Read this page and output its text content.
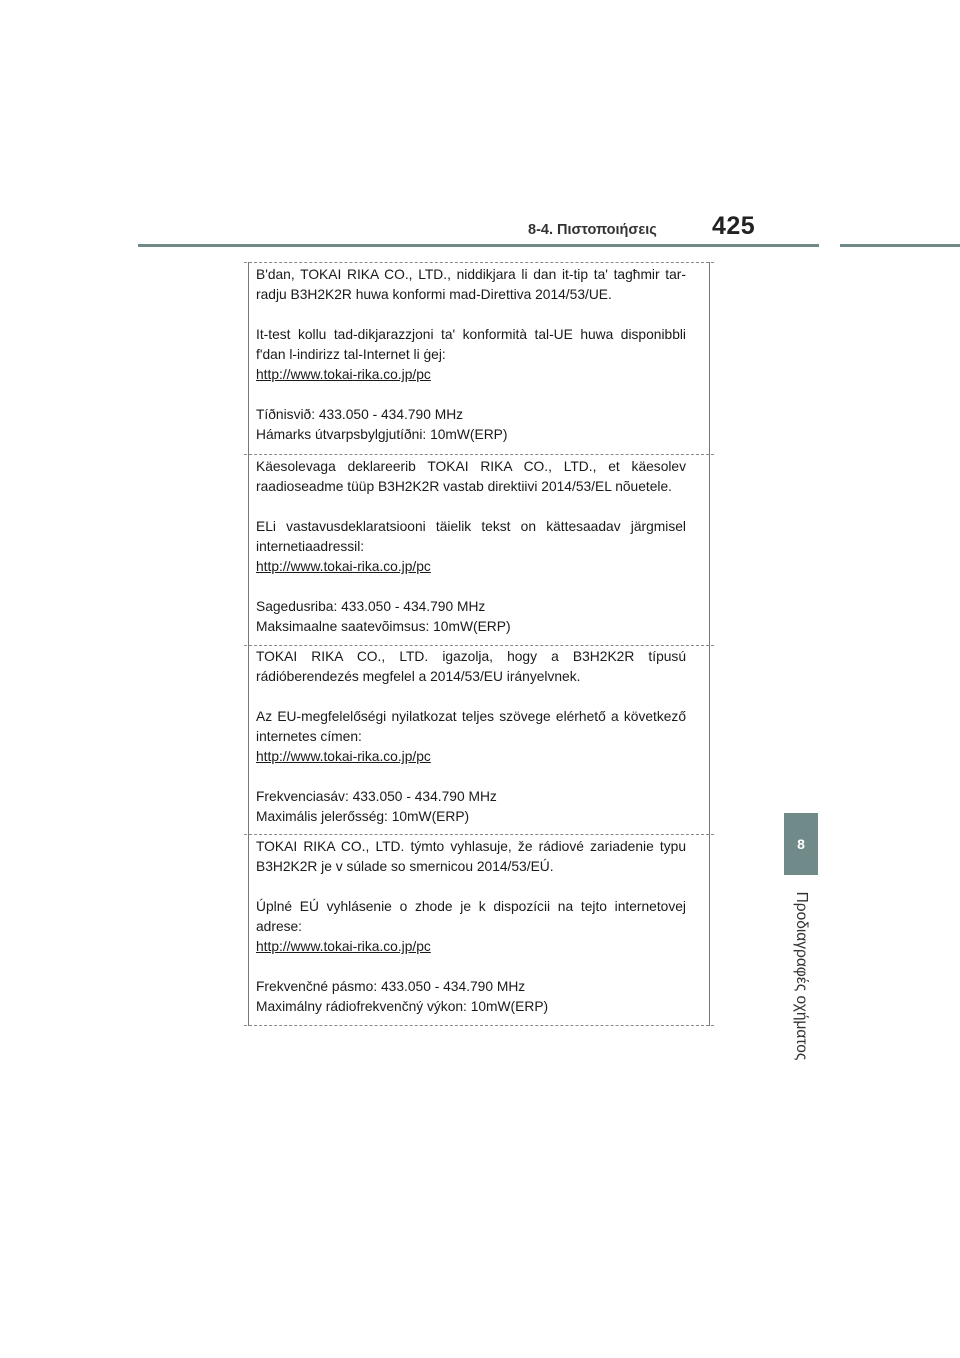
8-4. Πιστοποιήσεις 425
8
Προδιαγραφές οχήματος

B'dan, TOKAI RIKA CO., LTD., niddikjara li dan it-tip ta' tagħmir tar-radju B3H2K2R huwa konformi mad-Direttiva 2014/53/UE.

It-test kollu tad-dikjarazzjoni ta' konformità tal-UE huwa disponibbli f'dan l-indirizz tal-Internet li ġej:

http://www.tokai-rika.co.jp/pc

Tíðnisvið: 433.050 - 434.790 MHz
Hámarks útvarpsbylgjutíðni: 10mW(ERP)

Käesolevaga deklareerib TOKAI RIKA CO., LTD., et käesolev raadioseadme tüüp B3H2K2R vastab direktiivi 2014/53/EL nõuetele.

ELi vastavusdeklaratsiooni täielik tekst on kättesaadav järgmisel internetiaadressil:

http://www.tokai-rika.co.jp/pc

Sagedusriba: 433.050 - 434.790 MHz
Maksimaalne saatevõimsus: 10mW(ERP)

TOKAI RIKA CO., LTD. igazolja, hogy a B3H2K2R típusú rádióberendezés megfelel a 2014/53/EU irányelvnek.

Az EU-megfelelőségi nyilatkozat teljes szövege elérhető a következő internetes címen:

http://www.tokai-rika.co.jp/pc

Frekvenciasáv: 433.050 - 434.790 MHz
Maximális jelerősség: 10mW(ERP)

TOKAI RIKA CO., LTD. týmto vyhlasuje, že rádiové zariadenie typu B3H2K2R je v súlade so smernicou 2014/53/EÚ.

Úplné EÚ vyhlásenie o zhode je k dispozícii na tejto internetovej adrese:

http://www.tokai-rika.co.jp/pc

Frekvenčné pásmo: 433.050 - 434.790 MHz
Maximálny rádiofrekvenčný výkon: 10mW(ERP)
